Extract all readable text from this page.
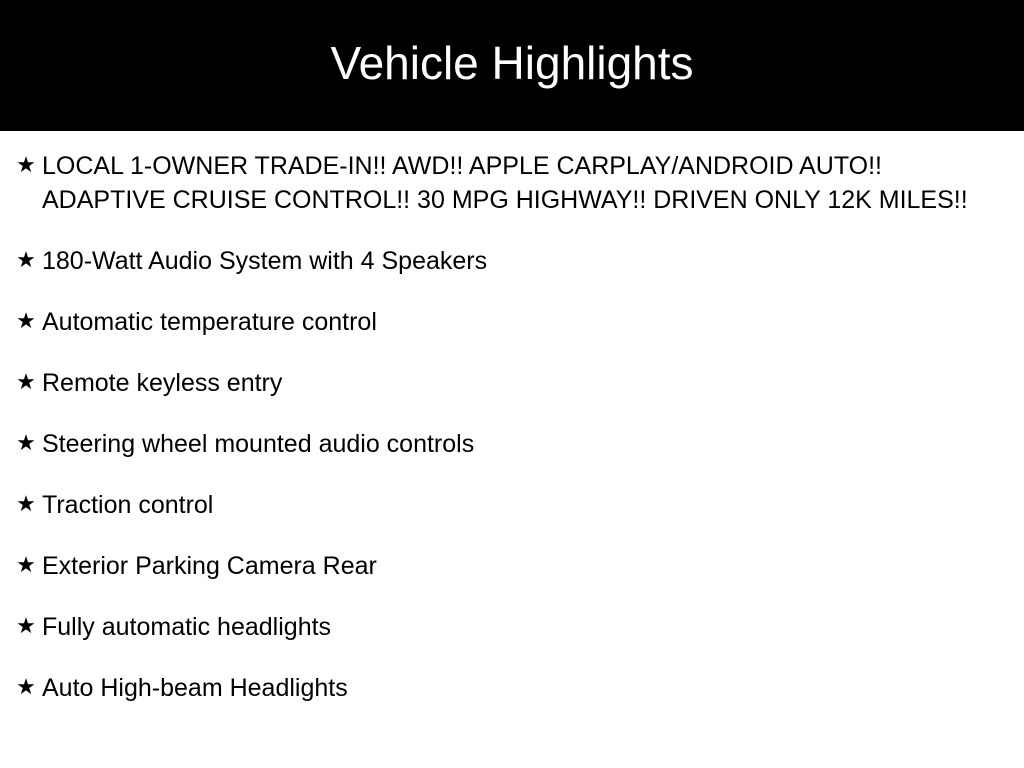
Vehicle Highlights
★ LOCAL 1-OWNER TRADE-IN!! AWD!! APPLE CARPLAY/ANDROID AUTO!! ADAPTIVE CRUISE CONTROL!! 30 MPG HIGHWAY!! DRIVEN ONLY 12K MILES!!
★ 180-Watt Audio System with 4 Speakers
★ Automatic temperature control
★ Remote keyless entry
★ Steering wheel mounted audio controls
★ Traction control
★ Exterior Parking Camera Rear
★ Fully automatic headlights
★ Auto High-beam Headlights
